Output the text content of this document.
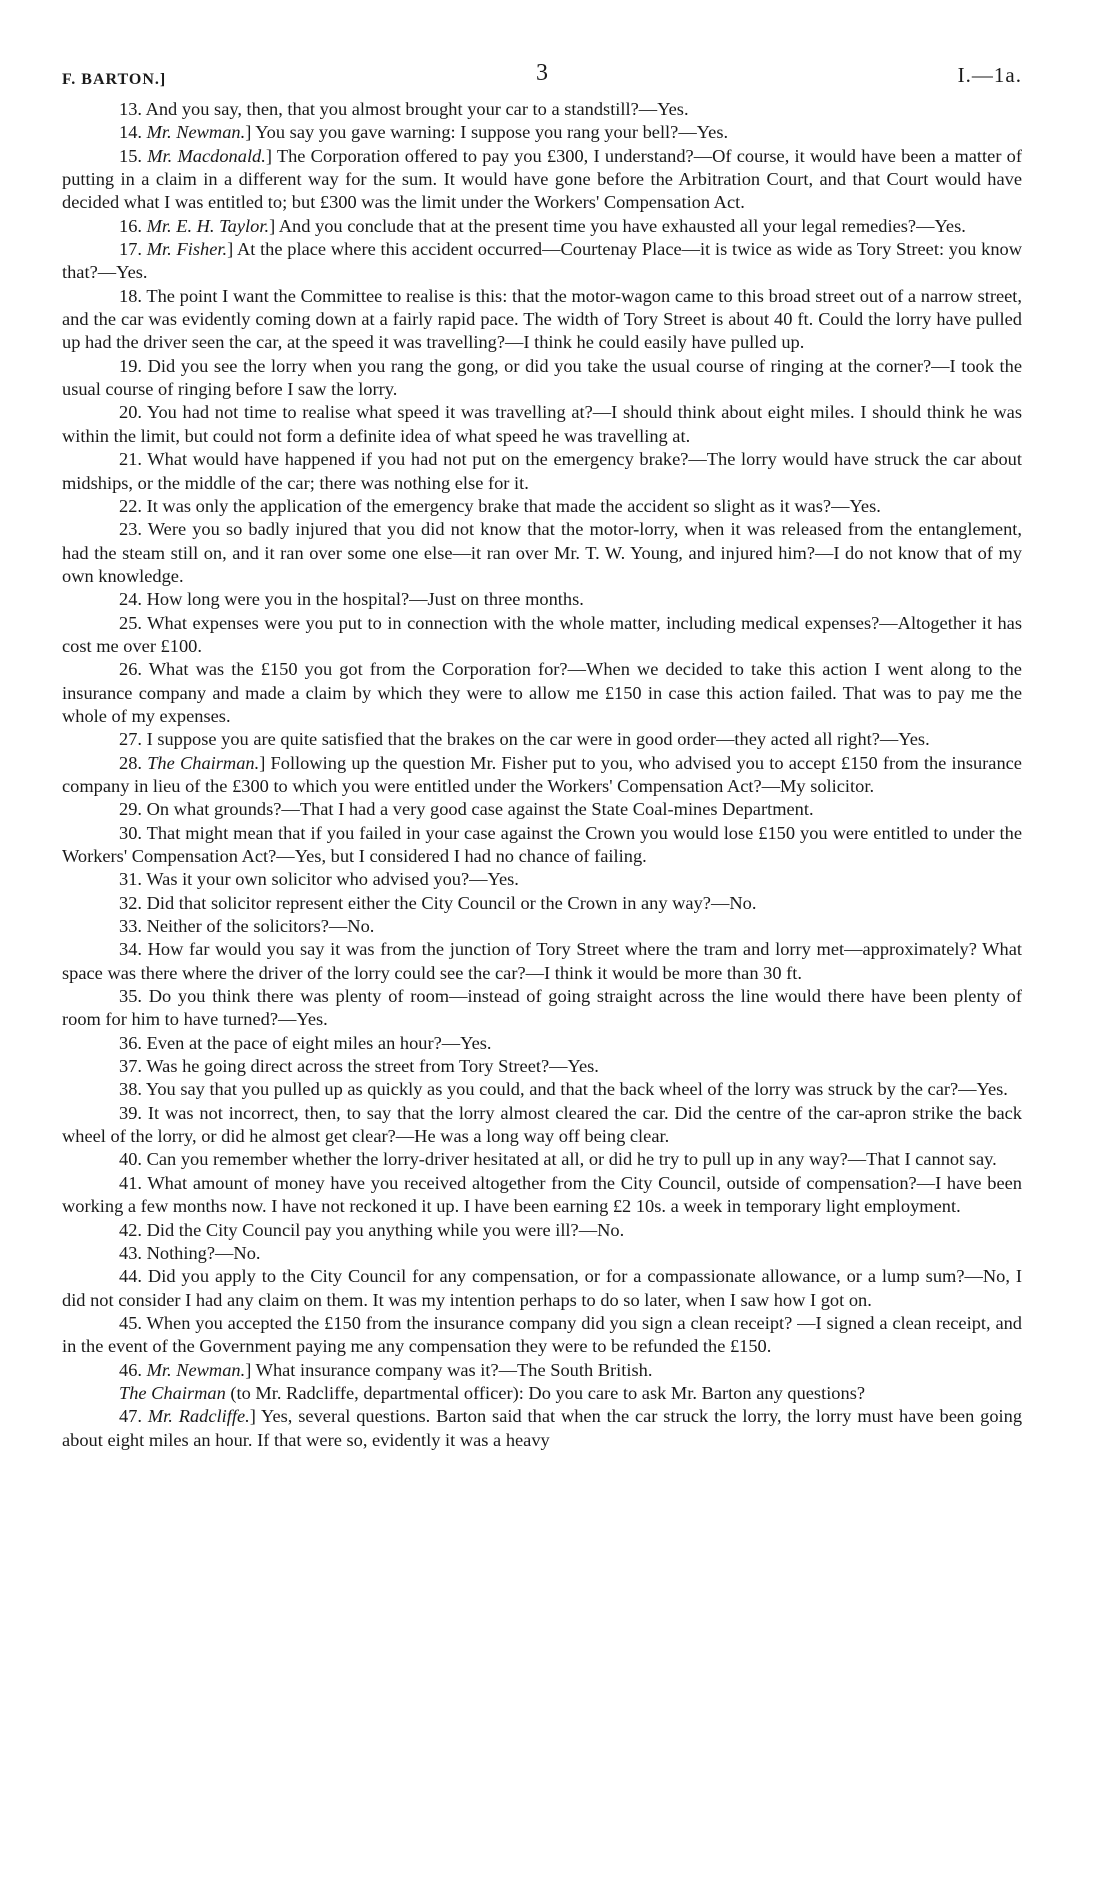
F. BARTON.]	3	I.—1a.

13. And you say, then, that you almost brought your car to a standstill?—Yes.

14. Mr. Newman.] You say you gave warning: I suppose you rang your bell?—Yes.

15. Mr. Macdonald.] The Corporation offered to pay you £300, I understand?—Of course, it would have been a matter of putting in a claim in a different way for the sum. It would have gone before the Arbitration Court, and that Court would have decided what I was entitled to; but £300 was the limit under the Workers' Compensation Act.

16. Mr. E. H. Taylor.] And you conclude that at the present time you have exhausted all your legal remedies?—Yes.

17. Mr. Fisher.] At the place where this accident occurred—Courtenay Place—it is twice as wide as Tory Street: you know that?—Yes.

18. The point I want the Committee to realise is this: that the motor-wagon came to this broad street out of a narrow street, and the car was evidently coming down at a fairly rapid pace. The width of Tory Street is about 40 ft. Could the lorry have pulled up had the driver seen the car, at the speed it was travelling?—I think he could easily have pulled up.

19. Did you see the lorry when you rang the gong, or did you take the usual course of ringing at the corner?—I took the usual course of ringing before I saw the lorry.

20. You had not time to realise what speed it was travelling at?—I should think about eight miles. I should think he was within the limit, but could not form a definite idea of what speed he was travelling at.

21. What would have happened if you had not put on the emergency brake?—The lorry would have struck the car about midships, or the middle of the car; there was nothing else for it.

22. It was only the application of the emergency brake that made the accident so slight as it was?—Yes.

23. Were you so badly injured that you did not know that the motor-lorry, when it was released from the entanglement, had the steam still on, and it ran over some one else—it ran over Mr. T. W. Young, and injured him?—I do not know that of my own knowledge.

24. How long were you in the hospital?—Just on three months.

25. What expenses were you put to in connection with the whole matter, including medical expenses?—Altogether it has cost me over £100.

26. What was the £150 you got from the Corporation for?—When we decided to take this action I went along to the insurance company and made a claim by which they were to allow me £150 in case this action failed. That was to pay me the whole of my expenses.

27. I suppose you are quite satisfied that the brakes on the car were in good order—they acted all right?—Yes.

28. The Chairman.] Following up the question Mr. Fisher put to you, who advised you to accept £150 from the insurance company in lieu of the £300 to which you were entitled under the Workers' Compensation Act?—My solicitor.

29. On what grounds?—That I had a very good case against the State Coal-mines Department.

30. That might mean that if you failed in your case against the Crown you would lose £150 you were entitled to under the Workers' Compensation Act?—Yes, but I considered I had no chance of failing.

31. Was it your own solicitor who advised you?—Yes.

32. Did that solicitor represent either the City Council or the Crown in any way?—No.

33. Neither of the solicitors?—No.

34. How far would you say it was from the junction of Tory Street where the tram and lorry met—approximately? What space was there where the driver of the lorry could see the car?—I think it would be more than 30 ft.

35. Do you think there was plenty of room—instead of going straight across the line would there have been plenty of room for him to have turned?—Yes.

36. Even at the pace of eight miles an hour?—Yes.

37. Was he going direct across the street from Tory Street?—Yes.

38. You say that you pulled up as quickly as you could, and that the back wheel of the lorry was struck by the car?—Yes.

39. It was not incorrect, then, to say that the lorry almost cleared the car. Did the centre of the car-apron strike the back wheel of the lorry, or did he almost get clear?—He was a long way off being clear.

40. Can you remember whether the lorry-driver hesitated at all, or did he try to pull up in any way?—That I cannot say.

41. What amount of money have you received altogether from the City Council, outside of compensation?—I have been working a few months now. I have not reckoned it up. I have been earning £2 10s. a week in temporary light employment.

42. Did the City Council pay you anything while you were ill?—No.

43. Nothing?—No.

44. Did you apply to the City Council for any compensation, or for a compassionate allowance, or a lump sum?—No, I did not consider I had any claim on them. It was my intention perhaps to do so later, when I saw how I got on.

45. When you accepted the £150 from the insurance company did you sign a clean receipt? —I signed a clean receipt, and in the event of the Government paying me any compensation they were to be refunded the £150.

46. Mr. Newman.] What insurance company was it?—The South British.

The Chairman (to Mr. Radcliffe, departmental officer): Do you care to ask Mr. Barton any questions?

47. Mr. Radcliffe.] Yes, several questions. Barton said that when the car struck the lorry, the lorry must have been going about eight miles an hour. If that were so, evidently it was a heavy
